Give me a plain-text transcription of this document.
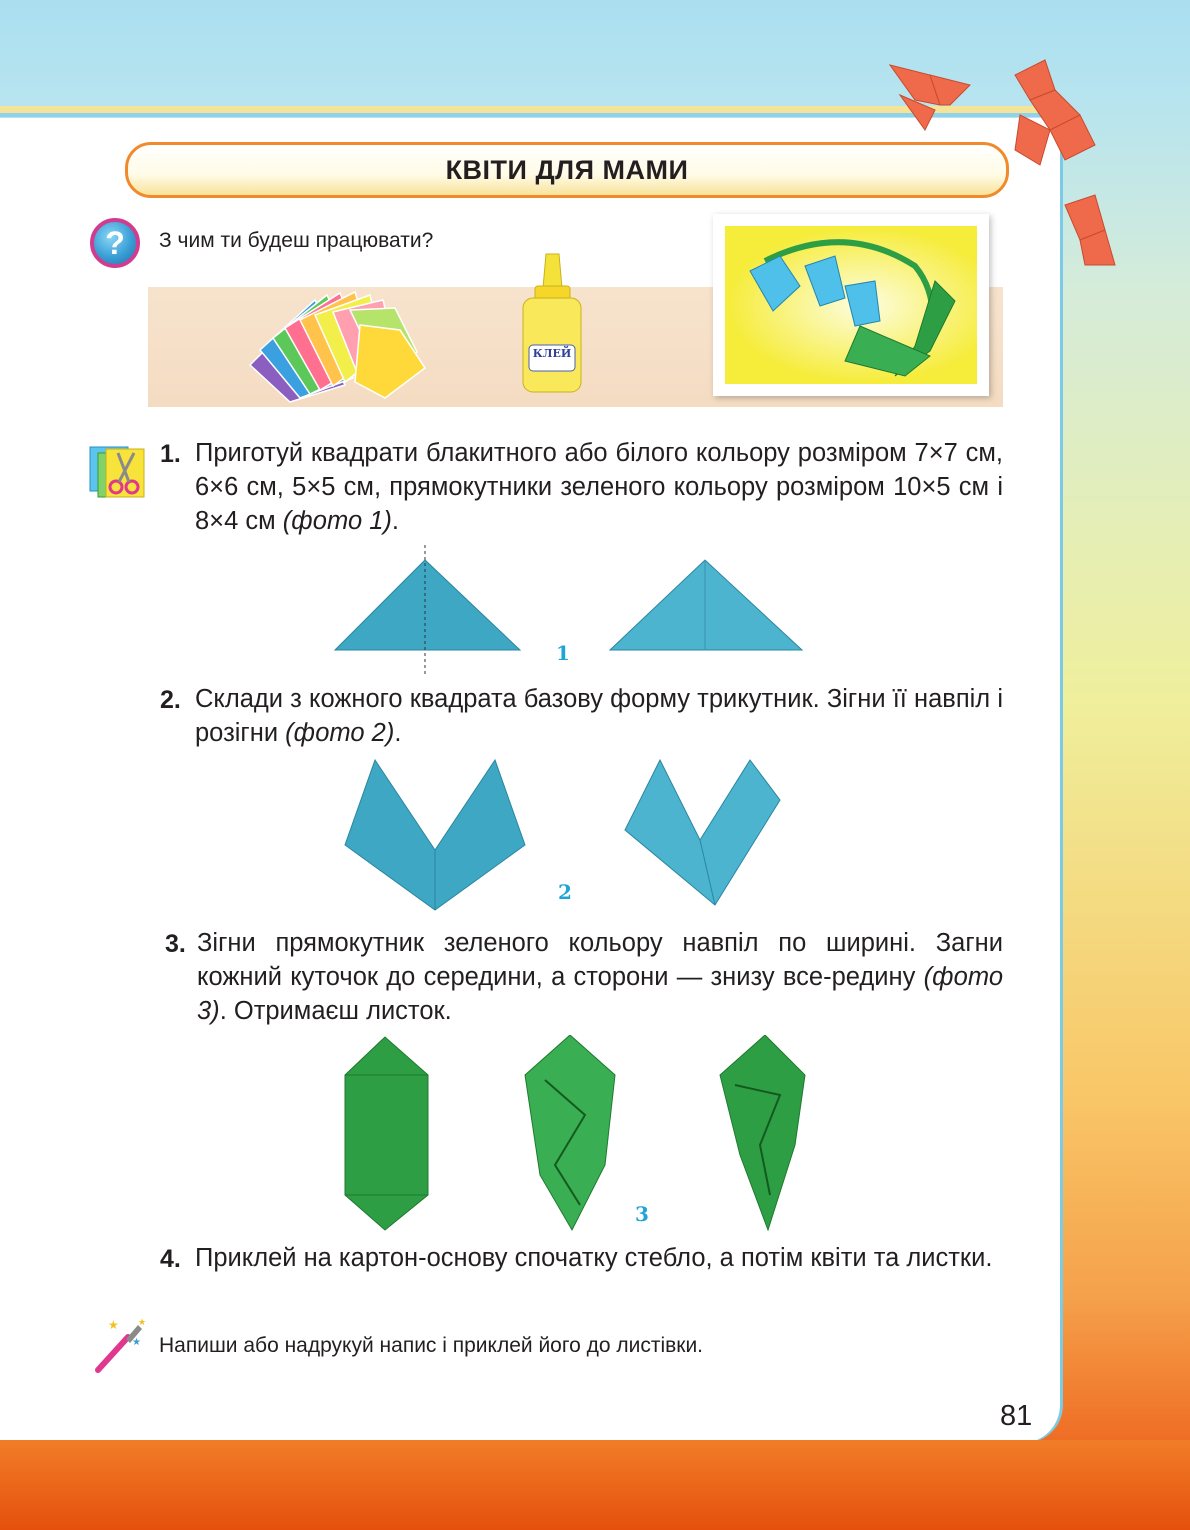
КВІТИ ДЛЯ МАМИ
? З чим ти будеш працювати?
КЛЕЙ
1. Приготуй квадрати блакитного або білого кольору розміром 7×7 см, 6×6 см, 5×5 см, прямокутники зеленого кольору розміром 10×5 см і 8×4 см (фото 1).
1
2. Склади з кожного квадрата базову форму трикутник. Зігни її навпіл і розігни (фото 2).
2
3. Зігни прямокутник зеленого кольору навпіл по ширині. Загни кожний куточок до середини, а сторони — знизу все-редину (фото 3). Отримаєш листок.
3
4. Приклей на картон-основу спочатку стебло, а потім квіти та листки.
★
★
★
Напиши або надрукуй напис і приклей його до листівки.
81
